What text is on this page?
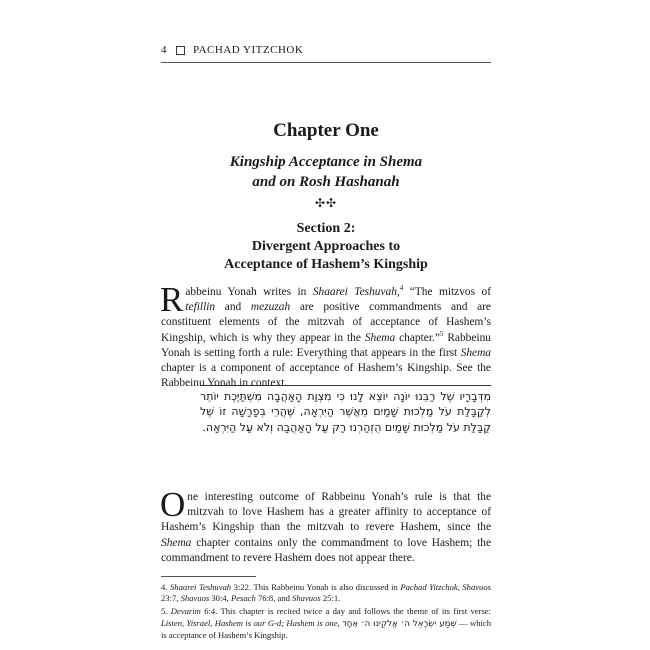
4 PACHAD YITZCHOK
Chapter One
Kingship Acceptance in Shema
and on Rosh Hashanah
✣✣
Section 2:
Divergent Approaches to
Acceptance of Hashem’s Kingship
Rabbeinu Yonah writes in Shaarei Teshuvah,$^4$ “The mitzvos of tefillin and mezuzah are positive commandments and are constituent elements of the mitzvah of acceptance of Hashem’s Kingship, which is why they appear in the Shema chapter.”$^5$ Rabbeinu Yonah is setting forth a rule: Everything that appears in the first Shema chapter is a component of acceptance of Hashem’s Kingship. See the Rabbeinu Yonah in context.
מִדְּבָרָיו שֶׁל רַבֵּנוּ יוֹנָה יוֹצֵא לָנוּ כִּי מִצְוַת הָאַהֲבָה מִשְׁתַּיֶּכֶת יוֹתֵר לְקַבָּלַת עֹל מַלְכוּת שָׁמַיִם מֵאֲשֶׁר הַיִּרְאָה, שֶׁהֲרֵי בְּפָרָשָׁה זוֹ שֶׁל קַבָּלַת עֹל מַלְכוּת שָׁמַיִם הֻזְהַרְנוּ רַק עַל הָאַהֲבָה וְלֹא עַל הַיִּרְאָה.
One interesting outcome of Rabbeinu Yonah’s rule is that the mitzvah to love Hashem has a greater affinity to acceptance of Hashem’s Kingship than the mitzvah to revere Hashem, since the Shema chapter contains only the commandment to love Hashem; the commandment to revere Hashem does not appear there.

4. Shaarei Teshuvah 3:22. This Rabbeinu Yonah is also discussed in Pachad Yitzchok, Shavuos 23:7, Shavuos 30:4, Pesach 76:8, and Shavuos 25:1.

5. Devarim 6:4. This chapter is recited twice a day and follows the theme of its first verse: Listen, Yisrael, Hashem is our G-d; Hashem is one, שְׁמַע יִשְׂרָאֵל ה׳ אֱלֹקֵינוּ ה׳ אֶחָד — which is acceptance of Hashem’s Kingship.
